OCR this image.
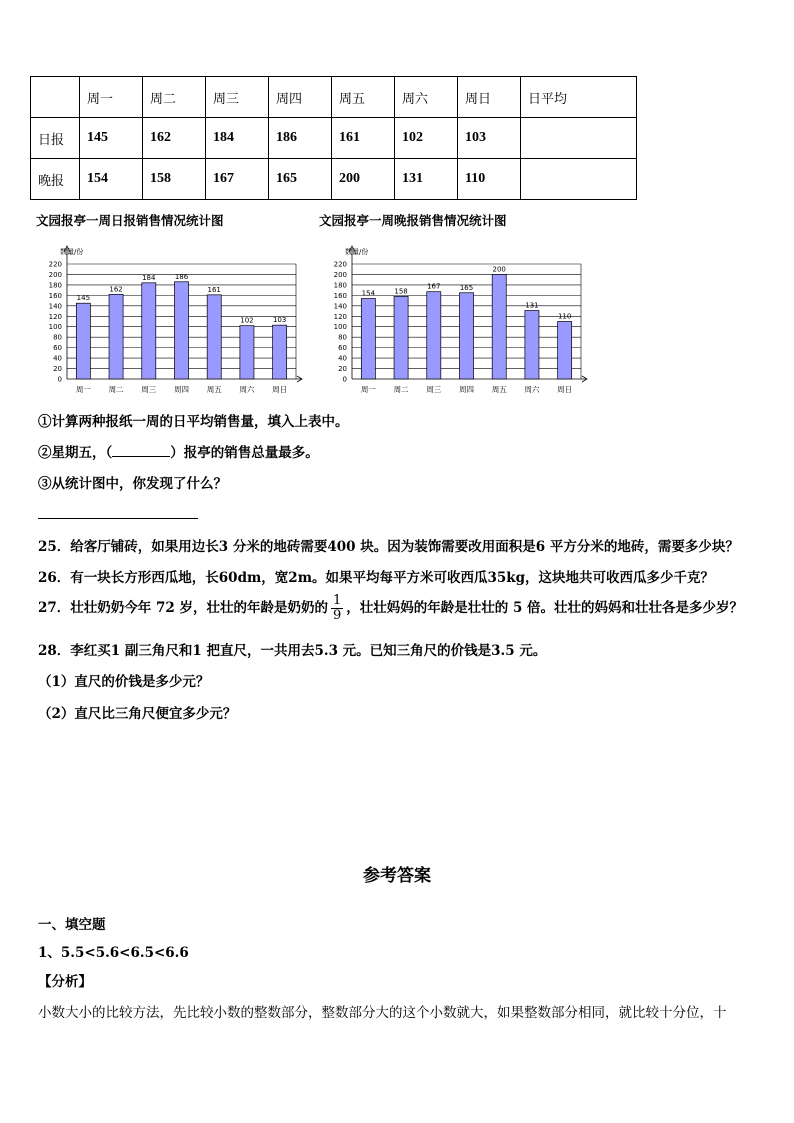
	周一	周二	周三	周四	周五	周六	周日	日平均
日报	145	162	184	186	161	102	103	
晚报	154	158	167	165	200	131	110	
文园报亭一周日报销售情况统计图	文园报亭一周晚报销售情况统计图
数量/份
0
20
40
60
80
100
120
140
160
180
200
220
145
周一
162
周二
184
周三
186
周四
161
周五
102
周六
103
周日
数量/份
0
20
40
60
80
100
120
140
160
180
200
220
154
周一
158
周二
167
周三
165
周四
200
周五
131
周六
110
周日
①计算两种报纸一周的日平均销售量，填入上表中。
②星期五，（	）报亭的销售总量最多。
③从统计图中，你发现了什么？
25．给客厅铺砖，如果用边长3 分米的地砖需要400 块。因为装饰需要改用面积是6 平方分米的地砖，需要多少块？
26．有一块长方形西瓜地，长60dm，宽2m。如果平均每平方米可收西瓜35kg，这块地共可收西瓜多少千克？
27．壮壮奶奶今年 72 岁，壮壮的年龄是奶奶的 $\frac{1}{9}$ ，壮壮妈妈的年龄是壮壮的 5 倍。壮壮的妈妈和壮壮各是多少岁？
28．李红买1 副三角尺和1 把直尺，一共用去5.3 元。已知三角尺的价钱是3.5 元。
（1）直尺的价钱是多少元？
（2）直尺比三角尺便宜多少元？
参考答案
一、填空题
1、5.5<5.6<6.5<6.6
【分析】
小数大小的比较方法，先比较小数的整数部分，整数部分大的这个小数就大，如果整数部分相同，就比较十分位，十
